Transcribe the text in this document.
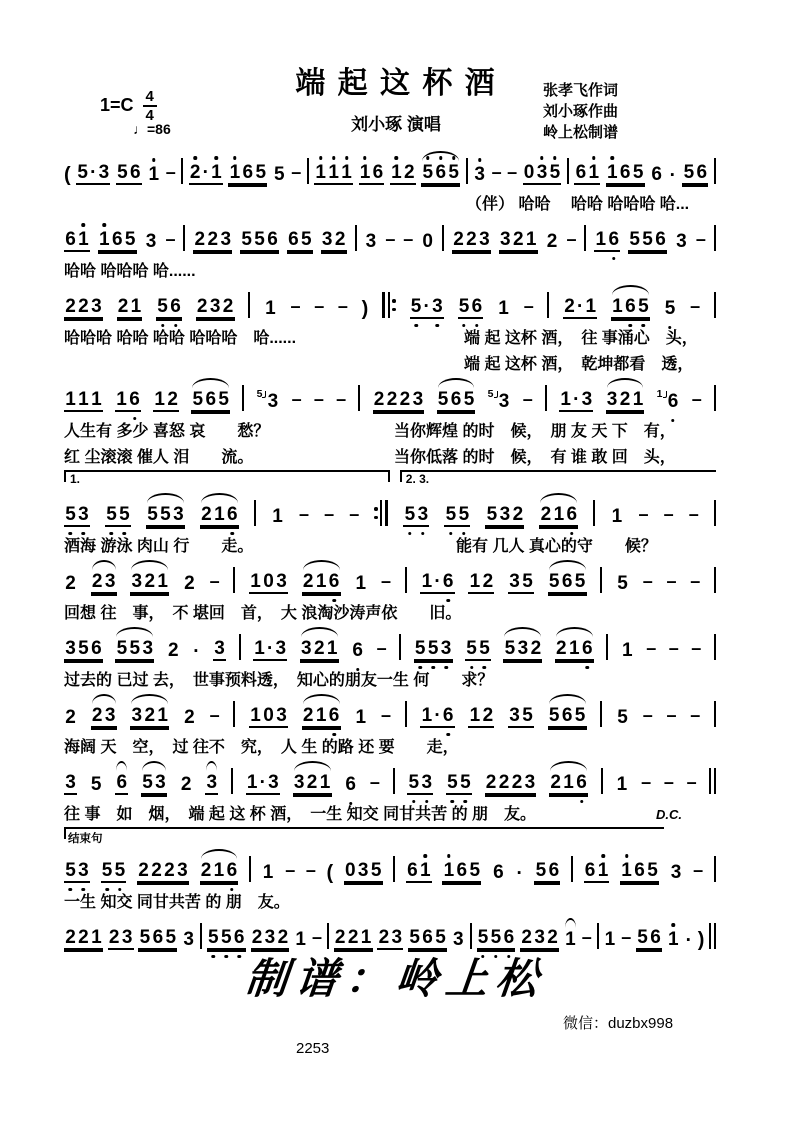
$1=C \frac{4}{4}$
♩=86
端 起 这 杯 酒
刘小琢 演唱
张孝飞作词
刘小琢作曲
岭上松制谱
( 5 · 3 5 6 1 – 2 · 1 1 6 5 5 – 1 1 1 1 6 1 2 5 6 5 3 – – 0 3 5 6 1 1 6 5 6 · 5 6
（伴） 哈哈　 哈哈 哈哈哈 哈...
6 1 1 6 5 3 – 2 2 3 5 5 6 6 5 3 2 3 – – 0 2 2 3 3 2 1 2 – 1 6 5 5 6 3 –
哈哈 哈哈哈 哈......
2 2 3 2 1 5 6 2 3 2 1 – – – ) 5 · 3 5 6 1 – 2 · 1 1 6 5 5 –
哈哈哈 哈哈 哈哈 哈哈哈　哈......	端 起 这杯 酒，　往 事涌心　头，
端 起 这杯 酒，　乾坤都看　透，
1 1 1 1 6 1 2 5 6 5	5 3 – – – 2 2 2 3 5 6 5 5 3 – 1 · 3 3 2 1 1 6 –
人生有 多少 喜怒 哀　　愁？	当你辉煌 的时　候，　朋 友 天 下　有，
红 尘滚滚 催人 泪　　流。	当你低落 的时　候，　有 谁 敢 回　头，
1.	2. 3.
5 3 5 5 5 5 3 2 1 6 1 – – – 5 3 5 5 5 3 2 2 1 6 1 – – –
酒海 游泳 肉山 行　　走。	能有 几人 真心的守　　候？
2 2 3 3 2 1 2 – 1 0 3 2 1 6 1 – 1 · 6 1 2 3 5 5 6 5 5 – – –
回想 往　事，　不 堪回　首，　大 浪淘沙涛声依　　旧。
3 5 6 5 5 3 2 · 3 1 · 3 3 2 1 6 – 5 5 3 5 5 5 3 2 2 1 6 1 – – –
过去的 已过 去，　世事预料透，　知心的朋友一生 何　　求？
2 2 3 3 2 1 2 – 1 0 3 2 1 6 1 – 1 · 6 1 2 3 5 5 6 5 5 – – –
海阔 天　空，　过 往不　究，　人 生 的路 还 要　　走，
3 5 6 5 3 2 3 1 · 3 3 2 1 6 – 5 3 5 5 2 2 2 3 2 1 6 1 – – –
D.C.
往 事　如　烟，　端 起 这 杯 酒，　一生 知交 同甘共苦 的 朋　友。
结束句
5 3 5 5 2 2 2 3 2 1 6 1 – – ( 0 3 5 6 1 1 6 5 6 · 5 6 6 1 1 6 5 3 –
一生 知交 同甘共苦 的 朋　友。
2 2 1 2 3 5 6 5 3 5 5 6 2 3 2 1 – 2 2 1 2 3 5 6 5 3 5 5 6 2 3 2 1 – 1 – 5 6 1 · )
制谱：岭上松
微信：duzbx998
2253
